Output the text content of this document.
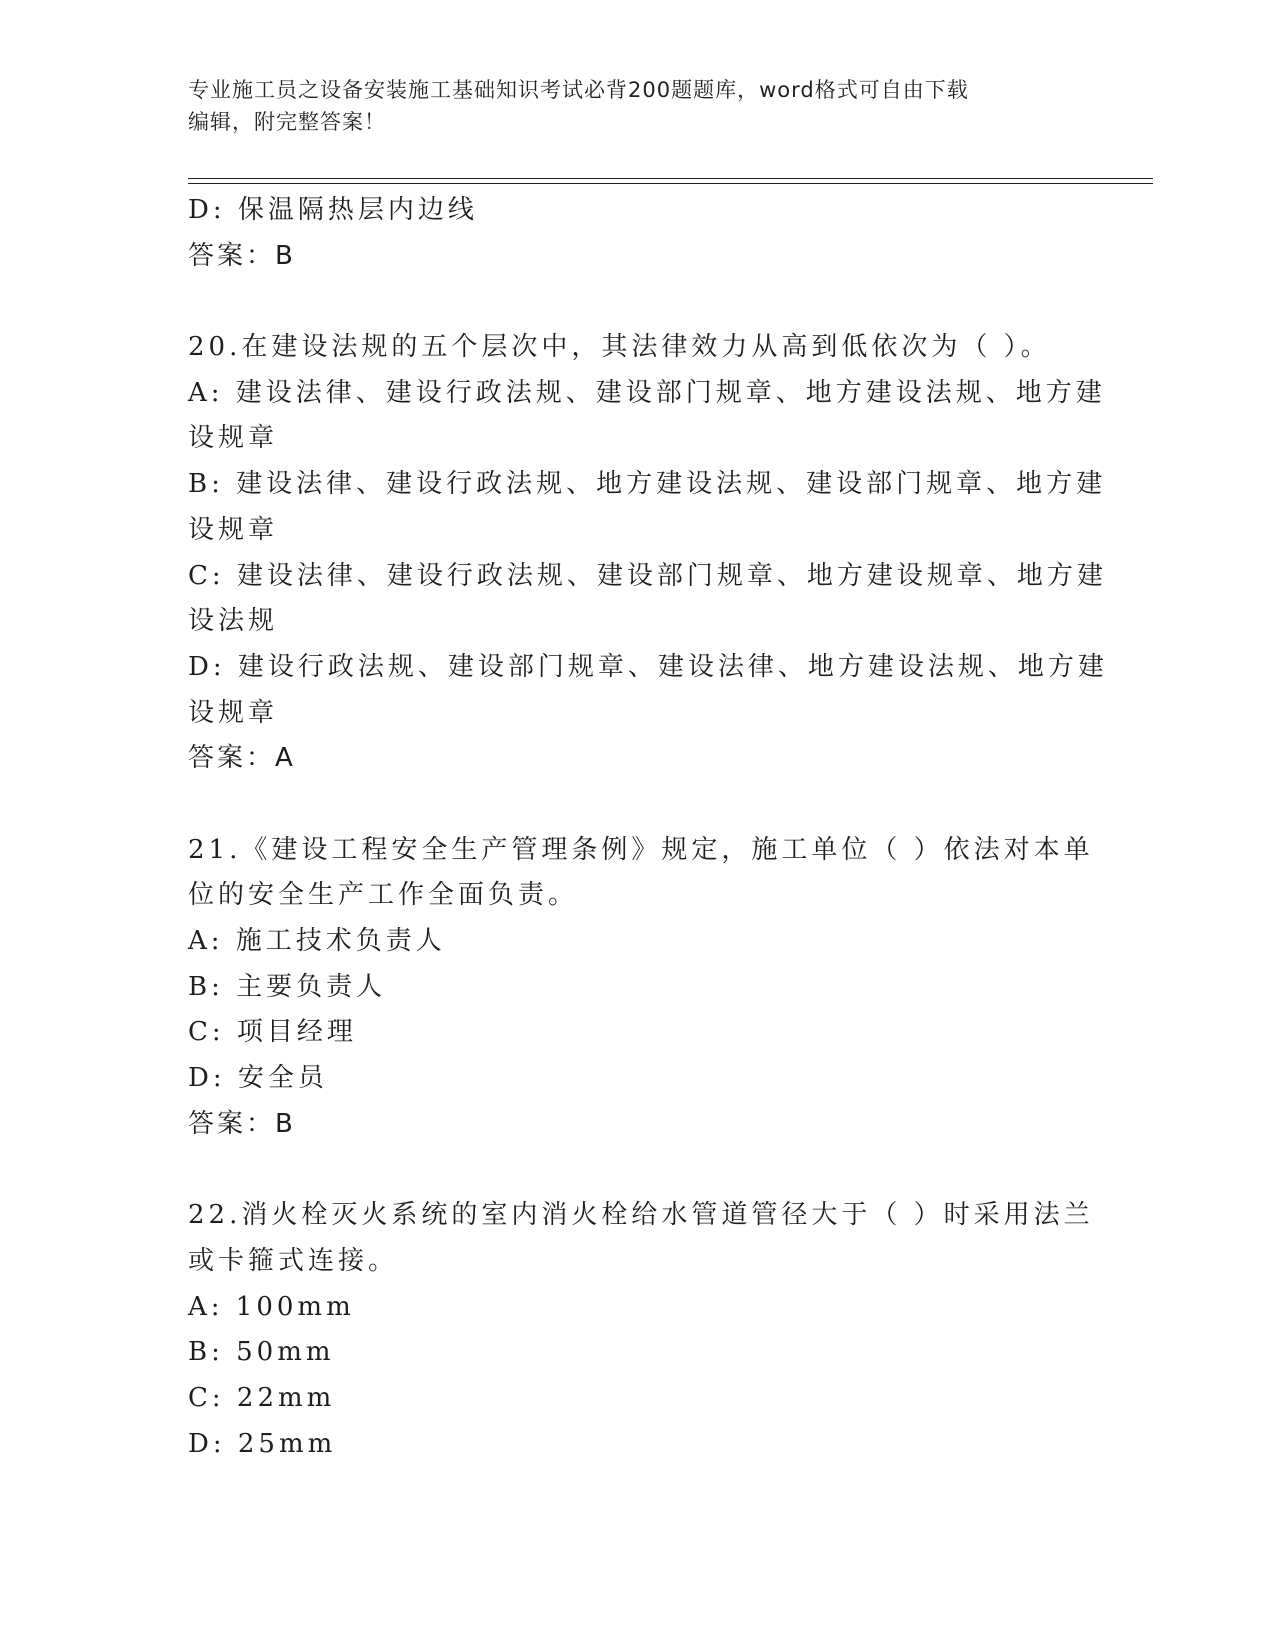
专业施工员之设备安装施工基础知识考试必背200题题库，word格式可自由下载
编辑，附完整答案！
D: 保温隔热层内边线
答案：B
20.在建设法规的五个层次中，其法律效力从高到低依次为（ ）。
A: 建设法律、建设行政法规、建设部门规章、地方建设法规、地方建
设规章
B: 建设法律、建设行政法规、地方建设法规、建设部门规章、地方建
设规章
C: 建设法律、建设行政法规、建设部门规章、地方建设规章、地方建
设法规
D: 建设行政法规、建设部门规章、建设法律、地方建设法规、地方建
设规章
答案：A
21.《建设工程安全生产管理条例》规定，施工单位（ ）依法对本单
位的安全生产工作全面负责。
A: 施工技术负责人
B: 主要负责人
C: 项目经理
D: 安全员
答案：B
22.消火栓灭火系统的室内消火栓给水管道管径大于（ ）时采用法兰
或卡箍式连接。
A: 100mm
B: 50mm
C: 22mm
D: 25mm
